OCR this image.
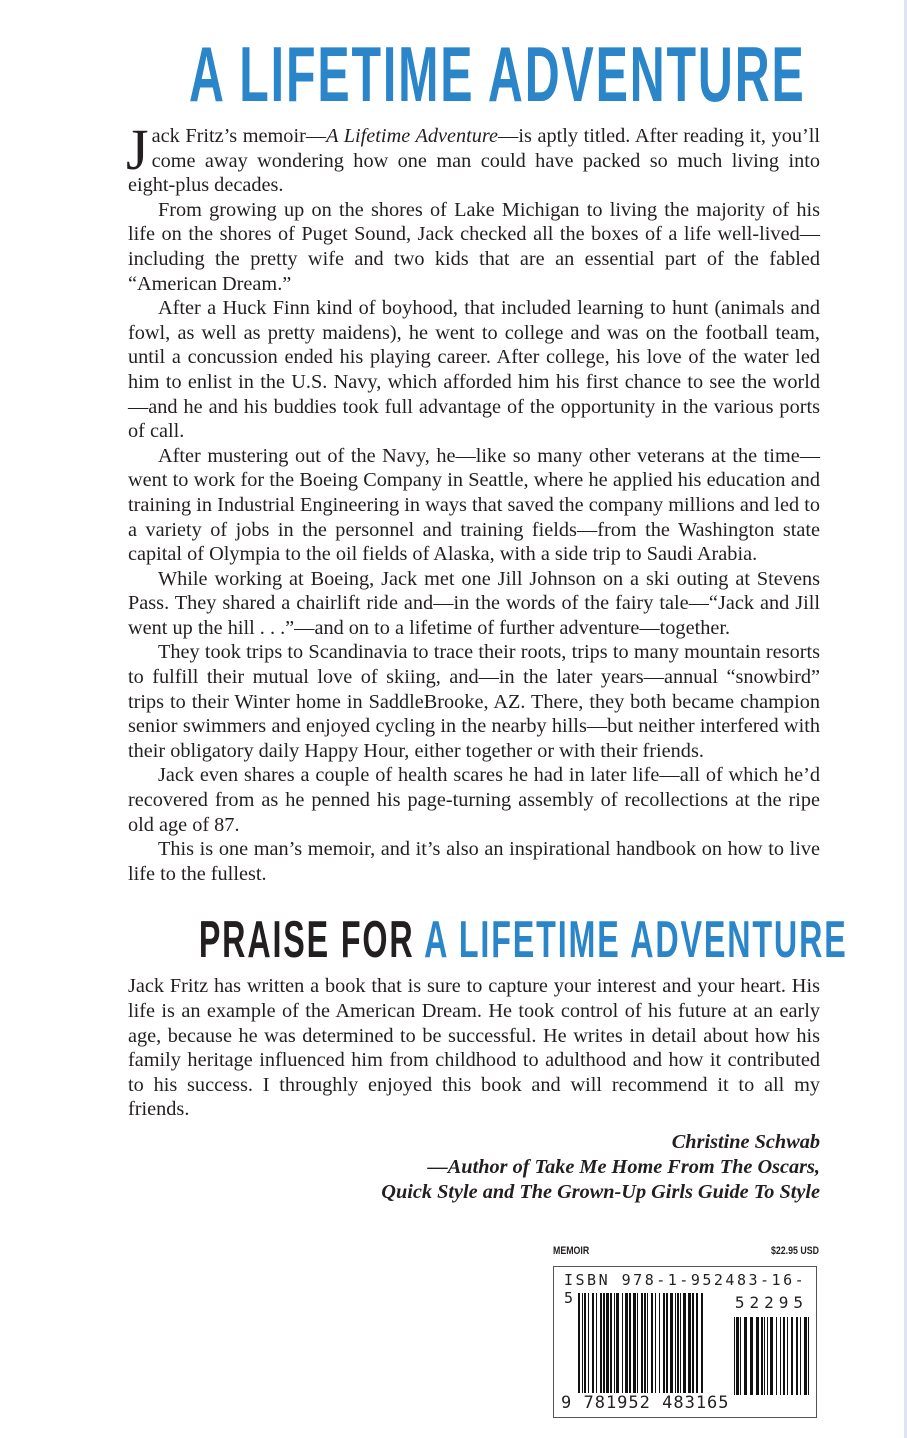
A LIFETIME ADVENTURE

Jack Fritz’s memoir—A Lifetime Adventure—is aptly titled. After reading it, you’ll come away wondering how one man could have packed so much living into eight-plus decades.

From growing up on the shores of Lake Michigan to living the majority of his life on the shores of Puget Sound, Jack checked all the boxes of a life well-lived—including the pretty wife and two kids that are an essential part of the fabled “American Dream.”

After a Huck Finn kind of boyhood, that included learning to hunt (animals and fowl, as well as pretty maidens), he went to college and was on the football team, until a concussion ended his playing career. After college, his love of the water led him to enlist in the U.S. Navy, which afforded him his first chance to see the world—and he and his buddies took full advantage of the opportunity in the various ports of call.

After mustering out of the Navy, he—like so many other veterans at the time—went to work for the Boeing Company in Seattle, where he applied his education and training in Industrial Engineering in ways that saved the company millions and led to a variety of jobs in the personnel and training fields—from the Washington state capital of Olympia to the oil fields of Alaska, with a side trip to Saudi Arabia.

While working at Boeing, Jack met one Jill Johnson on a ski outing at Stevens Pass. They shared a chairlift ride and—in the words of the fairy tale—“Jack and Jill went up the hill . . .”—and on to a lifetime of further adventure—together.

They took trips to Scandinavia to trace their roots, trips to many mountain resorts to fulfill their mutual love of skiing, and—in the later years—annual “snowbird” trips to their Winter home in SaddleBrooke, AZ. There, they both became champion senior swimmers and enjoyed cycling in the nearby hills—but neither interfered with their obligatory daily Happy Hour, either together or with their friends.

Jack even shares a couple of health scares he had in later life—all of which he’d recovered from as he penned his page-turning assembly of recollections at the ripe old age of 87.

This is one man’s memoir, and it’s also an inspirational handbook on how to live life to the fullest.

PRAISE FOR A LIFETIME ADVENTURE

Jack Fritz has written a book that is sure to capture your interest and your heart. His life is an example of the American Dream. He took control of his future at an early age, because he was determined to be successful. He writes in detail about how his family heritage influenced him from childhood to adulthood and how it contributed to his success. I throughly enjoyed this book and will recommend it to all my friends.

Christine Schwab
—Author of Take Me Home From The Oscars,
Quick Style and The Grown-Up Girls Guide To Style
MEMOIR	$22.95 USD
ISBN 978-1-952483-16-5	52295
9 781952 483165
